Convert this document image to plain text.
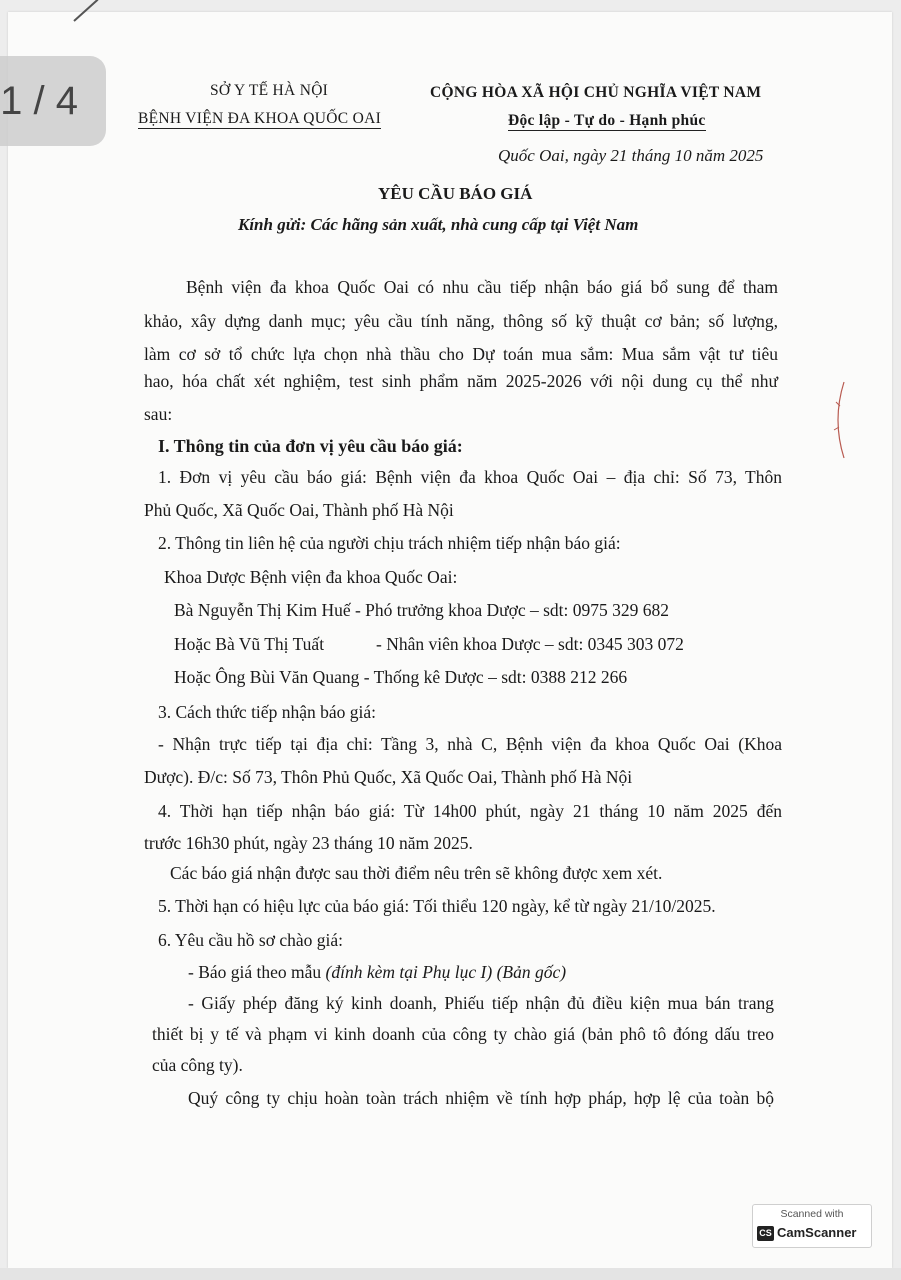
SỞ Y TẾ HÀ NỘI
BỆNH VIỆN ĐA KHOA QUỐC OAI
CỘNG HÒA XÃ HỘI CHỦ NGHĨA VIỆT NAM
Độc lập - Tự do - Hạnh phúc
Quốc Oai, ngày 21 tháng 10 năm 2025
YÊU CẦU BÁO GIÁ
Kính gửi: Các hãng sản xuất, nhà cung cấp tại Việt Nam
Bệnh viện đa khoa Quốc Oai có nhu cầu tiếp nhận báo giá bổ sung để tham
khảo, xây dựng danh mục; yêu cầu tính năng, thông số kỹ thuật cơ bản; số lượng,
làm cơ sở tổ chức lựa chọn nhà thầu cho Dự toán mua sắm: Mua sắm vật tư tiêu
hao, hóa chất xét nghiệm, test sinh phẩm năm 2025-2026 với nội dung cụ thể như
sau:
I. Thông tin của đơn vị yêu cầu báo giá:
1. Đơn vị yêu cầu báo giá: Bệnh viện đa khoa Quốc Oai – địa chỉ: Số 73, Thôn
Phủ Quốc, Xã Quốc Oai, Thành phố Hà Nội
2. Thông tin liên hệ của người chịu trách nhiệm tiếp nhận báo giá:
Khoa Dược Bệnh viện đa khoa Quốc Oai:
Bà Nguyễn Thị Kim Huế - Phó trưởng khoa Dược – sdt: 0975 329 682
Hoặc Bà Vũ Thị Tuất	- Nhân viên khoa Dược – sdt: 0345 303 072
Hoặc Ông Bùi Văn Quang - Thống kê Dược – sdt: 0388 212 266
3. Cách thức tiếp nhận báo giá:
- Nhận trực tiếp tại địa chỉ: Tầng 3, nhà C, Bệnh viện đa khoa Quốc Oai (Khoa
Dược). Đ/c: Số 73, Thôn Phủ Quốc, Xã Quốc Oai, Thành phố Hà Nội
4. Thời hạn tiếp nhận báo giá: Từ 14h00 phút, ngày 21 tháng 10 năm 2025 đến
trước 16h30 phút, ngày 23 tháng 10 năm 2025.
Các báo giá nhận được sau thời điểm nêu trên sẽ không được xem xét.
5. Thời hạn có hiệu lực của báo giá: Tối thiểu 120 ngày, kể từ ngày 21/10/2025.
6. Yêu cầu hồ sơ chào giá:
- Báo giá theo mẫu (đính kèm tại Phụ lục I) (Bản gốc)
- Giấy phép đăng ký kinh doanh, Phiếu tiếp nhận đủ điều kiện mua bán trang
thiết bị y tế và phạm vi kinh doanh của công ty chào giá (bản phô tô đóng dấu treo
của công ty).
Quý công ty chịu hoàn toàn trách nhiệm về tính hợp pháp, hợp lệ của toàn bộ
1 / 4
Scanned with
CS CamScanner
